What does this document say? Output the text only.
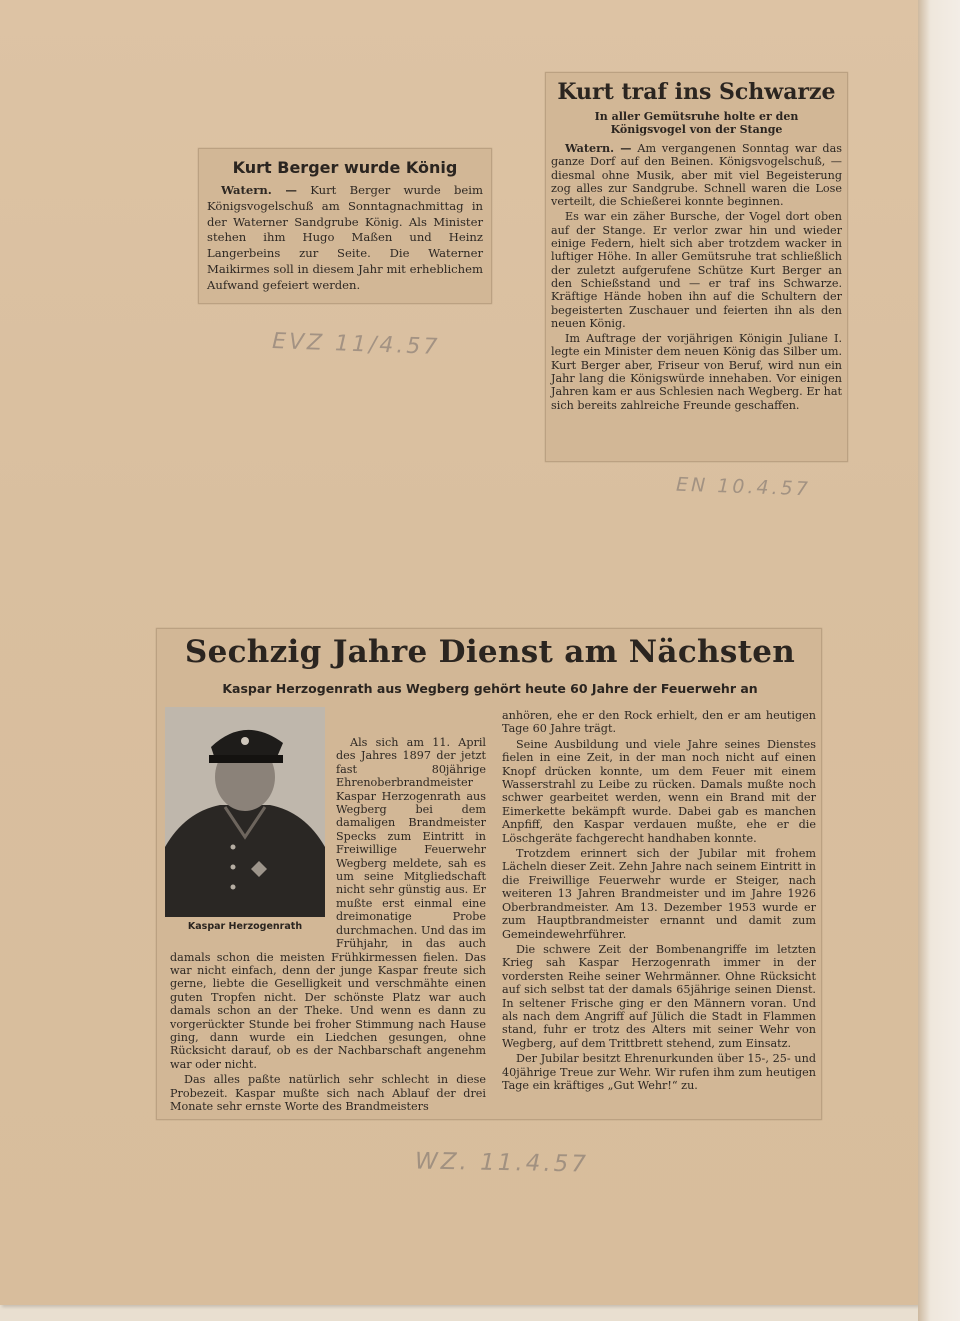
Kurt Berger wurde König

Watern. — Kurt Berger wurde beim Königsvogelschuß am Sonntagnachmittag in der Waterner Sandgrube König. Als Minister stehen ihm Hugo Maßen und Heinz Langerbeins zur Seite. Die Waterner Maikirmes soll in diesem Jahr mit erheblichem Aufwand gefeiert werden.

Kurt traf ins Schwarze
In aller Gemütsruhe holte er den Königsvogel von der Stange

Watern. — Am vergangenen Sonntag war das ganze Dorf auf den Beinen. Königsvogelschuß, — diesmal ohne Musik, aber mit viel Begeisterung zog alles zur Sandgrube. Schnell waren die Lose verteilt, die Schießerei konnte beginnen.

Es war ein zäher Bursche, der Vogel dort oben auf der Stange. Er verlor zwar hin und wieder einige Federn, hielt sich aber trotzdem wacker in luftiger Höhe. In aller Gemütsruhe trat schließlich der zuletzt aufgerufene Schütze Kurt Berger an den Schießstand und — er traf ins Schwarze. Kräftige Hände hoben ihn auf die Schultern der begeisterten Zuschauer und feierten ihn als den neuen König.

Im Auftrage der vorjährigen Königin Juliane I. legte ein Minister dem neuen König das Silber um. Kurt Berger aber, Friseur von Beruf, wird nun ein Jahr lang die Königswürde innehaben. Vor einigen Jahren kam er aus Schlesien nach Wegberg. Er hat sich bereits zahlreiche Freunde geschaffen.

EVZ 11/4.57
EN 10.4.57
WZ. 11.4.57
Sechzig Jahre Dienst am Nächsten
Kaspar Herzogenrath aus Wegberg gehört heute 60 Jahre der Feuerwehr an
Kaspar Herzogenrath

Als sich am 11. April des Jahres 1897 der jetzt fast 80jährige Ehrenoberbrandmeister Kaspar Herzogenrath aus Wegberg bei dem damaligen Brandmeister Specks zum Eintritt in Freiwillige Feuerwehr Wegberg meldete, sah es um seine Mitgliedschaft nicht sehr günstig aus. Er mußte erst einmal eine dreimonatige Probe durchmachen. Und das im Frühjahr, in das auch damals schon die meisten Frühkirmessen fielen. Das war nicht einfach, denn der junge Kaspar freute sich gerne, liebte die Geselligkeit und verschmähte einen guten Tropfen nicht. Der schönste Platz war auch damals schon an der Theke. Und wenn es dann zu vorgerückter Stunde bei froher Stimmung nach Hause ging, dann wurde ein Liedchen gesungen, ohne Rücksicht darauf, ob es der Nachbarschaft angenehm war oder nicht.

Das alles paßte natürlich sehr schlecht in diese Probezeit. Kaspar mußte sich nach Ablauf der drei Monate sehr ernste Worte des Brandmeisters

anhören, ehe er den Rock erhielt, den er am heutigen Tage 60 Jahre trägt.

Seine Ausbildung und viele Jahre seines Dienstes fielen in eine Zeit, in der man noch nicht auf einen Knopf drücken konnte, um dem Feuer mit einem Wasserstrahl zu Leibe zu rücken. Damals mußte noch schwer gearbeitet werden, wenn ein Brand mit der Eimerkette bekämpft wurde. Dabei gab es manchen Anpfiff, den Kaspar verdauen mußte, ehe er die Löschgeräte fachgerecht handhaben konnte.

Trotzdem erinnert sich der Jubilar mit frohem Lächeln dieser Zeit. Zehn Jahre nach seinem Eintritt in die Freiwillige Feuerwehr wurde er Steiger, nach weiteren 13 Jahren Brandmeister und im Jahre 1926 Oberbrandmeister. Am 13. Dezember 1953 wurde er zum Hauptbrandmeister ernannt und damit zum Gemeindewehrführer.

Die schwere Zeit der Bombenangriffe im letzten Krieg sah Kaspar Herzogenrath immer in der vordersten Reihe seiner Wehrmänner. Ohne Rücksicht auf sich selbst tat der damals 65jährige seinen Dienst. In seltener Frische ging er den Männern voran. Und als nach dem Angriff auf Jülich die Stadt in Flammen stand, fuhr er trotz des Alters mit seiner Wehr von Wegberg, auf dem Trittbrett stehend, zum Einsatz.

Der Jubilar besitzt Ehrenurkunden über 15-, 25- und 40jährige Treue zur Wehr. Wir rufen ihm zum heutigen Tage ein kräftiges „Gut Wehr!“ zu.
